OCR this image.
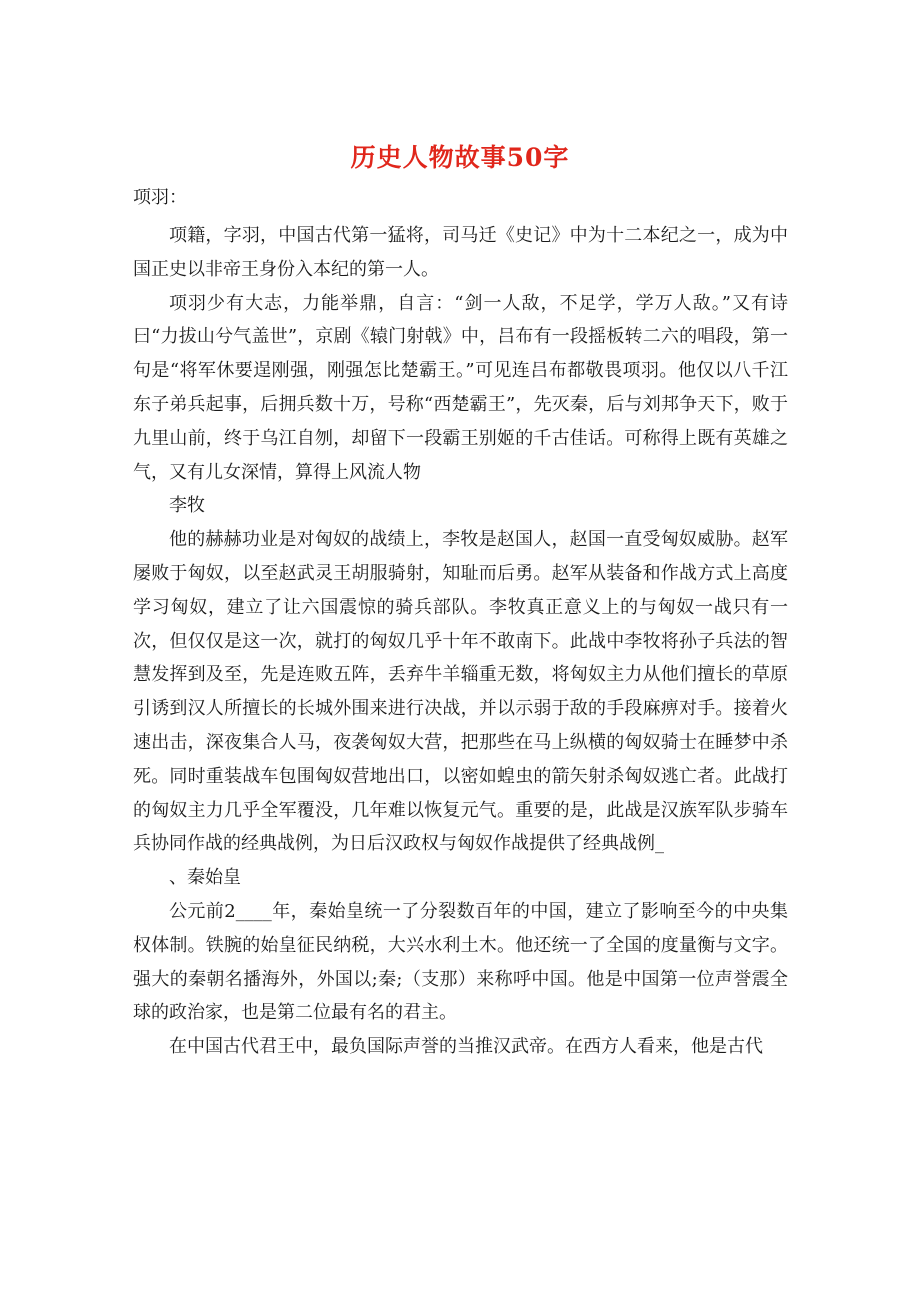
历史人物故事50字
项羽：

项籍，字羽，中国古代第一猛将，司马迁《史记》中为十二本纪之一，成为中国正史以非帝王身份入本纪的第一人。

项羽少有大志，力能举鼎，自言：“剑一人敌，不足学，学万人敌。”又有诗曰“力拔山兮气盖世”，京剧《辕门射戟》中，吕布有一段摇板转二六的唱段，第一句是“将军休要逞刚强，刚强怎比楚霸王。”可见连吕布都敬畏项羽。他仅以八千江东子弟兵起事，后拥兵数十万，号称“西楚霸王”，先灭秦，后与刘邦争天下，败于九里山前，终于乌江自刎，却留下一段霸王别姬的千古佳话。可称得上既有英雄之气，又有儿女深情，算得上风流人物

李牧

他的赫赫功业是对匈奴的战绩上，李牧是赵国人，赵国一直受匈奴威胁。赵军屡败于匈奴，以至赵武灵王胡服骑射，知耻而后勇。赵军从装备和作战方式上高度学习匈奴，建立了让六国震惊的骑兵部队。李牧真正意义上的与匈奴一战只有一次，但仅仅是这一次，就打的匈奴几乎十年不敢南下。此战中李牧将孙子兵法的智慧发挥到及至，先是连败五阵，丢弃牛羊辎重无数，将匈奴主力从他们擅长的草原引诱到汉人所擅长的长城外围来进行决战，并以示弱于敌的手段麻痹对手。接着火速出击，深夜集合人马，夜袭匈奴大营，把那些在马上纵横的匈奴骑士在睡梦中杀死。同时重装战车包围匈奴营地出口，以密如蝗虫的箭矢射杀匈奴逃亡者。此战打的匈奴主力几乎全军覆没，几年难以恢复元气。重要的是，此战是汉族军队步骑车兵协同作战的经典战例，为日后汉政权与匈奴作战提供了经典战例_

、秦始皇

公元前2____年，秦始皇统一了分裂数百年的中国，建立了影响至今的中央集权体制。铁腕的始皇征民纳税，大兴水利土木。他还统一了全国的度量衡与文字。强大的秦朝名播海外，外国以;秦;（支那）来称呼中国。他是中国第一位声誉震全球的政治家，也是第二位最有名的君主。

在中国古代君王中，最负国际声誉的当推汉武帝。在西方人看来，他是古代
